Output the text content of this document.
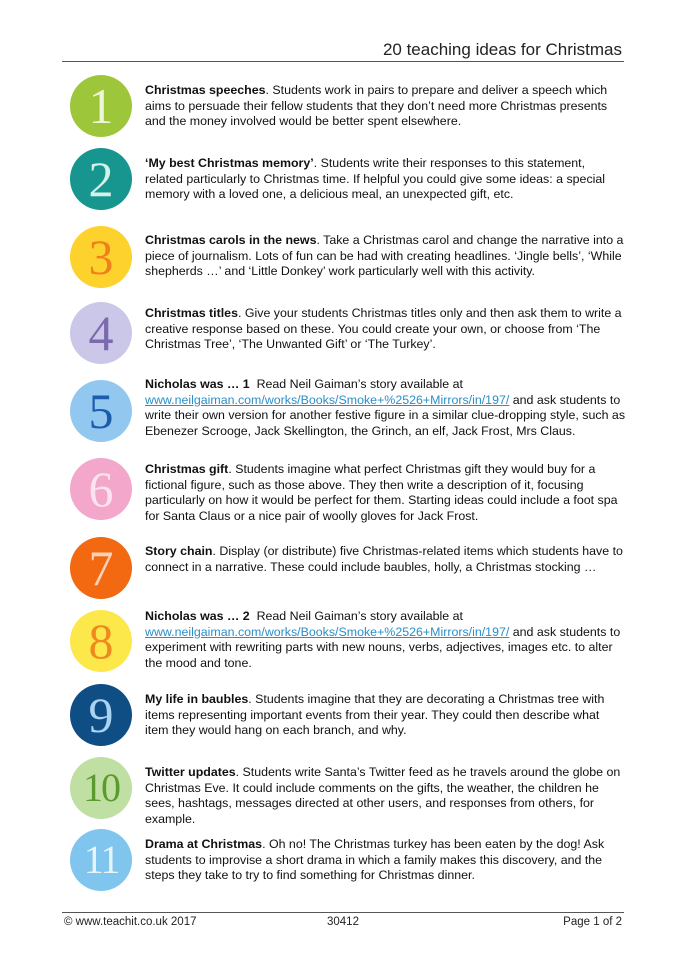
20 teaching ideas for Christmas
1	Christmas speeches. Students work in pairs to prepare and deliver a speech which aims to persuade their fellow students that they don’t need more Christmas presents and the money involved would be better spent elsewhere.
2	‘My best Christmas memory’. Students write their responses to this statement, related particularly to Christmas time. If helpful you could give some ideas: a special memory with a loved one, a delicious meal, an unexpected gift, etc.
3	Christmas carols in the news. Take a Christmas carol and change the narrative into a piece of journalism. Lots of fun can be had with creating headlines. ‘Jingle bells’, ‘While shepherds …’ and ‘Little Donkey’ work particularly well with this activity.
4	Christmas titles. Give your students Christmas titles only and then ask them to write a creative response based on these. You could create your own, or choose from ‘The Christmas Tree’, ‘The Unwanted Gift’ or ‘The Turkey’.
5	Nicholas was … 1  Read Neil Gaiman’s story available at
www.neilgaiman.com/works/Books/Smoke+%2526+Mirrors/in/197/ and ask students to write their own version for another festive figure in a similar clue-dropping style, such as Ebenezer Scrooge, Jack Skellington, the Grinch, an elf, Jack Frost, Mrs Claus.
6	Christmas gift. Students imagine what perfect Christmas gift they would buy for a fictional figure, such as those above. They then write a description of it, focusing particularly on how it would be perfect for them. Starting ideas could include a foot spa for Santa Claus or a nice pair of woolly gloves for Jack Frost.
7	Story chain. Display (or distribute) five Christmas-related items which students have to connect in a narrative. These could include baubles, holly, a Christmas stocking …
8	Nicholas was … 2  Read Neil Gaiman’s story available at
www.neilgaiman.com/works/Books/Smoke+%2526+Mirrors/in/197/ and ask students to experiment with rewriting parts with new nouns, verbs, adjectives, images etc. to alter the mood and tone.
9	My life in baubles. Students imagine that they are decorating a Christmas tree with items representing important events from their year. They could then describe what item they would hang on each branch, and why.
10	Twitter updates. Students write Santa’s Twitter feed as he travels around the globe on Christmas Eve. It could include comments on the gifts, the weather, the children he sees, hashtags, messages directed at other users, and responses from others, for example.
11	Drama at Christmas. Oh no! The Christmas turkey has been eaten by the dog! Ask students to improvise a short drama in which a family makes this discovery, and the steps they take to try to find something for Christmas dinner.
© www.teachit.co.uk 2017	30412	Page 1 of 2
